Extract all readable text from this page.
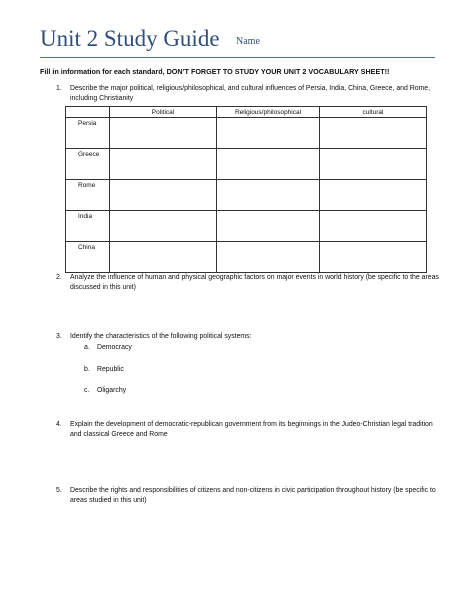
Unit 2 Study Guide Name
Fill in information for each standard, DON’T FORGET TO STUDY YOUR UNIT 2 VOCABULARY SHEET!!
1. Describe the major political, religious/philosophical, and cultural influences of Persia, India, China, Greece, and Rome, including Christianity
	Political	Religious/philosophical	cultural
Persia			
Greece			
Rome			
India			
China			
2. Analyze the influence of human and physical geographic factors on major events in world history (be specific to the areas discussed in this unit)
3. Identify the characteristics of the following political systems:
a. Democracy
b. Republic
c. Oligarchy
4. Explain the development of democratic-republican government from its beginnings in the Judeo-Christian legal tradition and classical Greece and Rome
5. Describe the rights and responsibilities of citizens and non-citizens in civic participation throughout history (be specific to areas studied in this unit)
